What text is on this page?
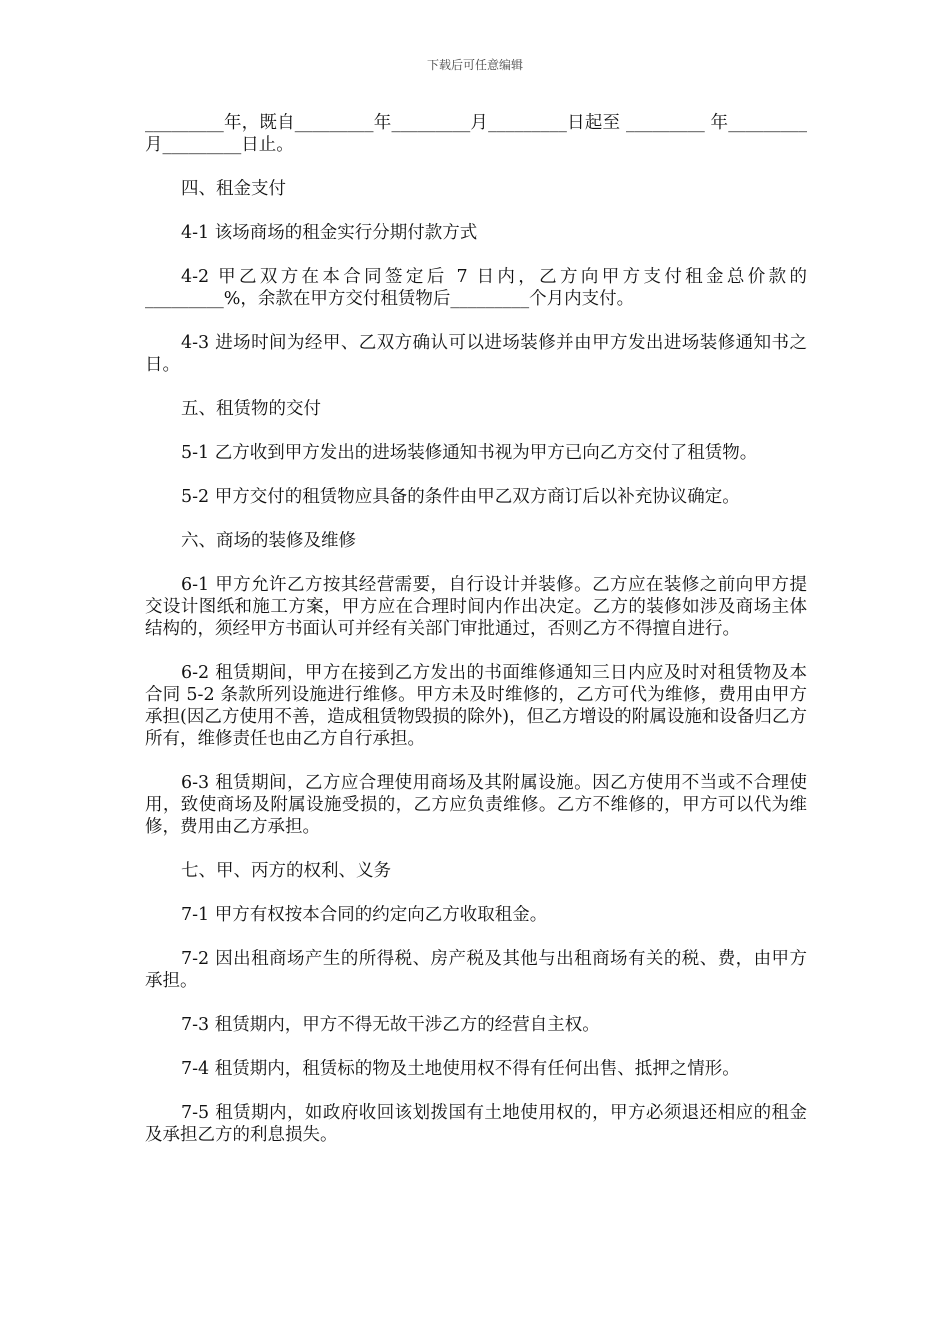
下载后可任意编辑

_________年，既自_________年_________月_________日起至 _________ 年_________月_________日止。

四、租金支付

4-1 该场商场的租金实行分期付款方式

4-2 甲乙双方在本合同签定后 7 日内，乙方向甲方支付租金总价款的_________%，余款在甲方交付租赁物后_________个月内支付。

4-3 进场时间为经甲、乙双方确认可以进场装修并由甲方发出进场装修通知书之日。

五、租赁物的交付

5-1 乙方收到甲方发出的进场装修通知书视为甲方已向乙方交付了租赁物。

5-2 甲方交付的租赁物应具备的条件由甲乙双方商订后以补充协议确定。

六、商场的装修及维修

6-1 甲方允许乙方按其经营需要，自行设计并装修。乙方应在装修之前向甲方提交设计图纸和施工方案，甲方应在合理时间内作出决定。乙方的装修如涉及商场主体结构的，须经甲方书面认可并经有关部门审批通过，否则乙方不得擅自进行。

6-2 租赁期间，甲方在接到乙方发出的书面维修通知三日内应及时对租赁物及本合同 5-2 条款所列设施进行维修。甲方未及时维修的，乙方可代为维修，费用由甲方承担(因乙方使用不善，造成租赁物毁损的除外)，但乙方增设的附属设施和设备归乙方所有，维修责任也由乙方自行承担。

6-3 租赁期间，乙方应合理使用商场及其附属设施。因乙方使用不当或不合理使用，致使商场及附属设施受损的，乙方应负责维修。乙方不维修的，甲方可以代为维修，费用由乙方承担。

七、甲、丙方的权利、义务

7-1 甲方有权按本合同的约定向乙方收取租金。

7-2 因出租商场产生的所得税、房产税及其他与出租商场有关的税、费，由甲方承担。

7-3 租赁期内，甲方不得无故干涉乙方的经营自主权。

7-4 租赁期内，租赁标的物及土地使用权不得有任何出售、抵押之情形。

7-5 租赁期内，如政府收回该划拨国有土地使用权的，甲方必须退还相应的租金及承担乙方的利息损失。
